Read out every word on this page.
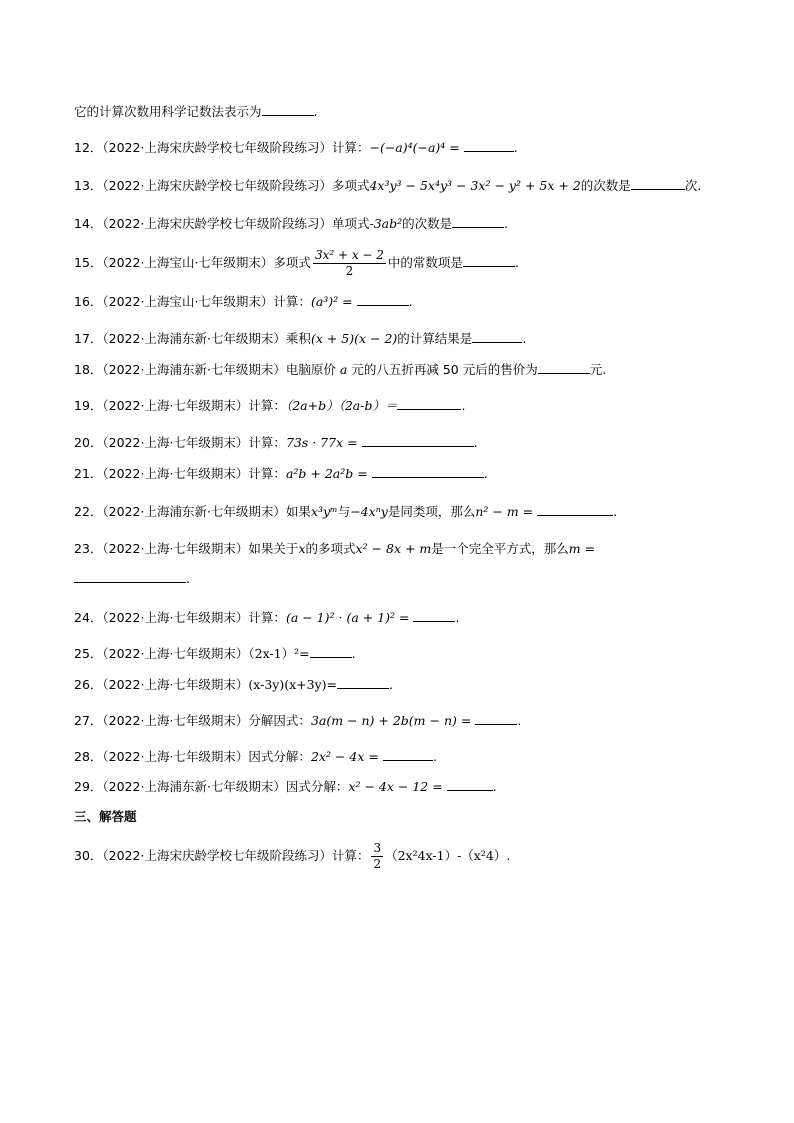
它的计算次数用科学记数法表示为	.
12．（2022·上海宋庆龄学校七年级阶段练习）计算：−(−a)⁴(−a)⁴ =	.
13．（2022·上海宋庆龄学校七年级阶段练习）多项式4x³y³ − 5x⁴y³ − 3x² − y² + 5x + 2的次数是	次.
14．（2022·上海宋庆龄学校七年级阶段练习）单项式-3ab²的次数是	.
15．（2022·上海宝山·七年级期末）多项式 $\frac{\text{3x² + x − 2}}{2}$ 中的常数项是	.
16．（2022·上海宝山·七年级期末）计算：(a³)² =	.
17．（2022·上海浦东新·七年级期末）乘积(x + 5)(x − 2)的计算结果是	.
18．（2022·上海浦东新·七年级期末）电脑原价 a 元的八五折再减 50 元后的售价为	元.
19．（2022·上海·七年级期末）计算：（2a+b）（2a-b）＝	.
20．（2022·上海·七年级期末）计算：73s · 77x =	.
21．（2022·上海·七年级期末）计算：a²b + 2a²b =	.
22．（2022·上海浦东新·七年级期末）如果x³yᵐ与−4xⁿy是同类项，那么n² − m =	.
23．（2022·上海·七年级期末）如果关于x的多项式x² − 8x + m是一个完全平方式，那么m =
.
24．（2022·上海·七年级期末）计算：(a − 1)² · (a + 1)² =	.
25．（2022·上海·七年级期末）（2x-1）²=	.
26．（2022·上海·七年级期末）(x-3y)(x+3y)=	.
27．（2022·上海·七年级期末）分解因式：3a(m − n) + 2b(m − n) =	.
28．（2022·上海·七年级期末）因式分解：2x² − 4x =	.
29．（2022·上海浦东新·七年级期末）因式分解：x² − 4x − 12 =	.
三、解答题
30．（2022·上海宋庆龄学校七年级阶段练习）计算： $\frac{3}{2} (2x^24x-1)-(x^24)$.
